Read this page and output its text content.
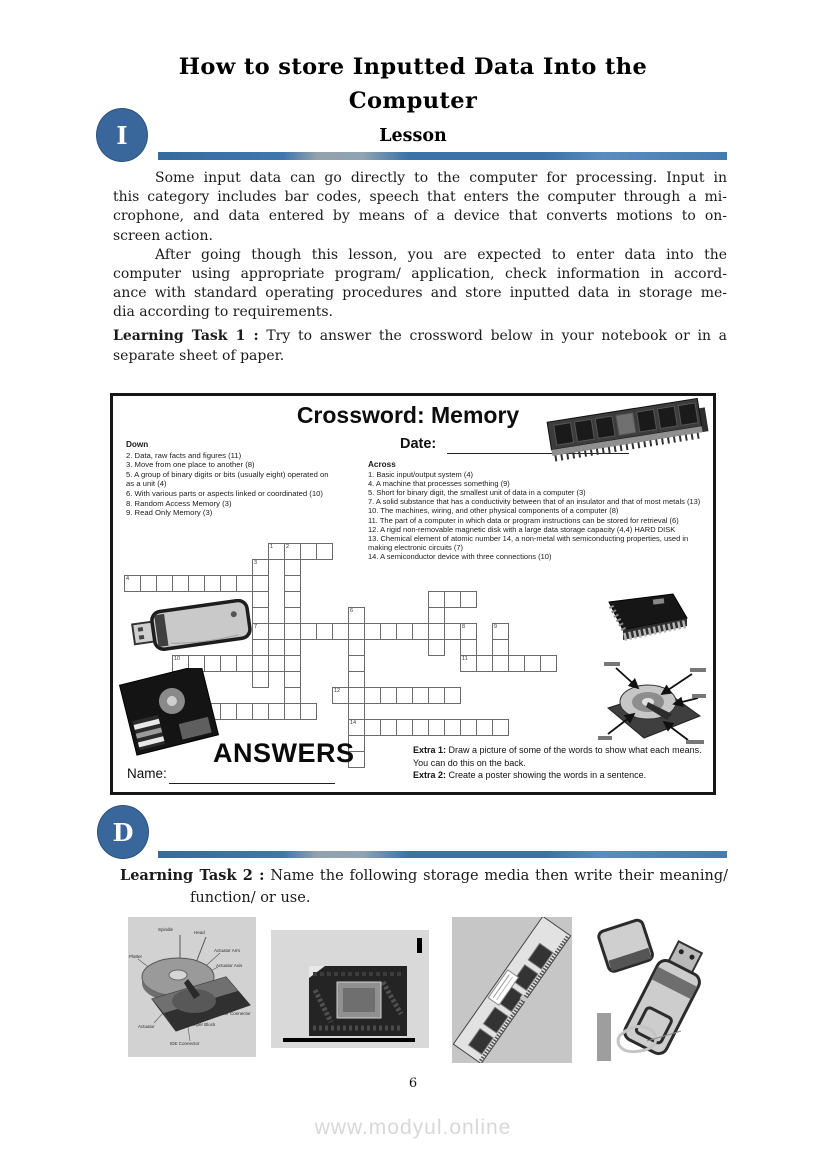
How to store Inputted Data Into the
Computer
I	Lesson
Some input data can go directly to the computer for processing. Input in
this category includes bar codes, speech that enters the computer through a mi-
crophone, and data entered by means of a device that converts motions to on-
screen action.
After going though this lesson, you are expected to enter data into the
computer using appropriate program/ application, check information in accord-
ance with standard operating procedures and store inputted data in storage me-
dia according to requirements.
Learning Task 1 : Try to answer the crossword below in your notebook or in a
separate sheet of paper.
Crossword: Memory
Date:
Down
2. Data, raw facts and figures (11)
3. Move from one place to another (8)
5. A group of binary digits or bits (usually eight) operated on as a unit (4)
6. With various parts or aspects linked or coordinated (10)
8. Random Access Memory (3)
9. Read Only Memory (3)
Across
1. Basic input/output system (4)
4. A machine that processes something (9)
5. Short for binary digit, the smallest unit of data in a computer (3)
7. A solid substance that has a conductivity between that of an insulator and that of most metals (13)
10. The machines, wiring, and other physical components of a computer (8)
11. The part of a computer in which data or program instructions can be stored for retrieval (6)
12. A rigid non-removable magnetic disk with a large data storage capacity (4,4) HARD DISK
13. Chemical element of atomic number 14, a non-metal with semiconducting properties, used in making electronic circuits (7)
14. A semiconductor device with three connections (10)
1 2
3
4
6
7	8	9
10	11
12
14
ANSWERS
Name:
Extra 1: Draw a picture of some of the words to show what each means. You can do this on the back.
Extra 2: Create a poster showing the words in a sentence.
D
Learning Task 2 : Name the following storage media then write their meaning/
function/ or use.
Spindle
Head
Actuator Arm
Actuator Axis
Platter
Power Connector
Jumper Block
IDE Connector
Actuator
6
www.modyul.online
